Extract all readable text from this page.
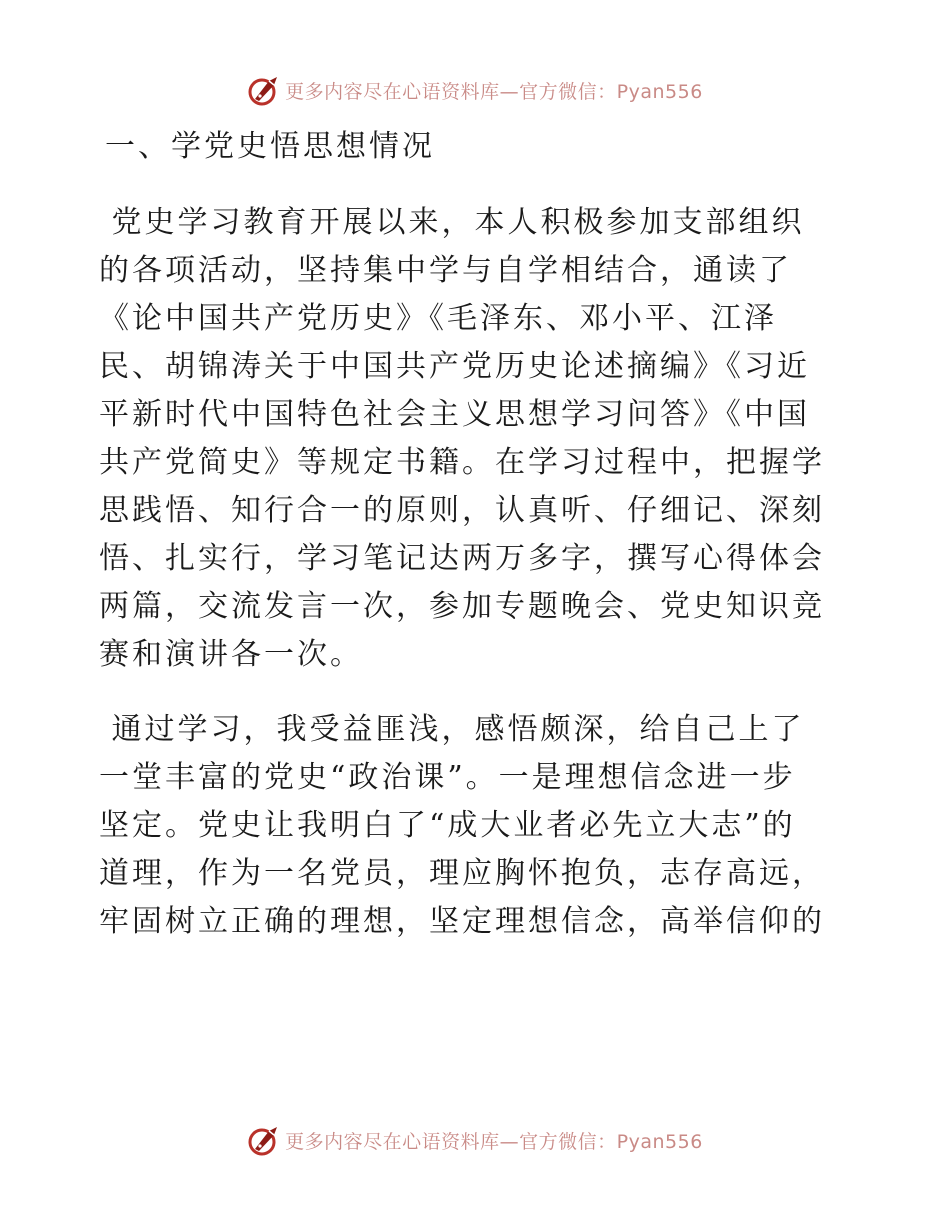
更多内容尽在心语资料库—官方微信：Pyan556
一、学党史悟思想情况
党史学习教育开展以来，本人积极参加支部组织
的各项活动，坚持集中学与自学相结合，通读了
《论中国共产党历史》《毛泽东、邓小平、江泽
民、胡锦涛关于中国共产党历史论述摘编》《习近
平新时代中国特色社会主义思想学习问答》《中国
共产党简史》等规定书籍。在学习过程中，把握学
思践悟、知行合一的原则，认真听、仔细记、深刻
悟、扎实行，学习笔记达两万多字，撰写心得体会
两篇，交流发言一次，参加专题晚会、党史知识竞
赛和演讲各一次。
通过学习，我受益匪浅，感悟颇深，给自己上了
一堂丰富的党史“政治课”。一是理想信念进一步
坚定。党史让我明白了“成大业者必先立大志”的
道理，作为一名党员，理应胸怀抱负，志存高远，
牢固树立正确的理想，坚定理想信念，高举信仰的
更多内容尽在心语资料库—官方微信：Pyan556
